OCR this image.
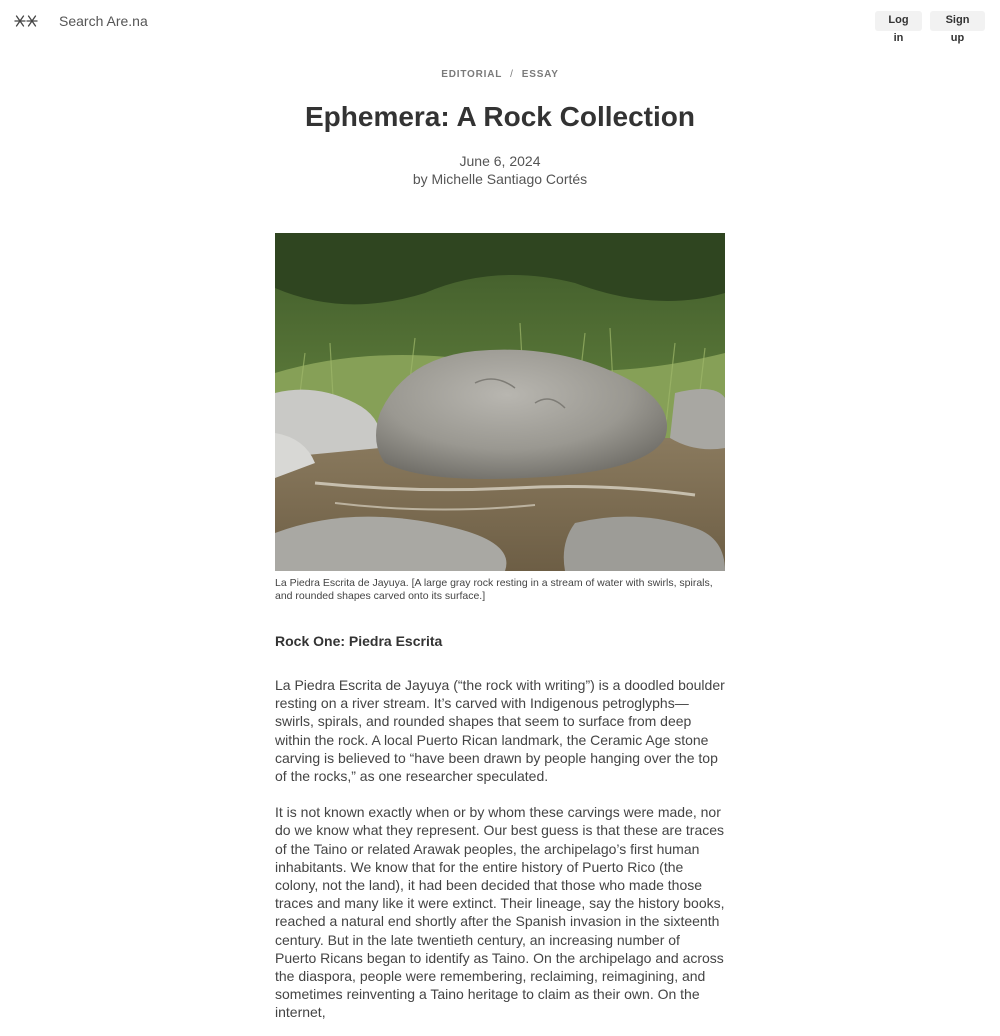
Search Are.na
Log in
Sign up
EDITORIAL / ESSAY
Ephemera: A Rock Collection
June 6, 2024
by Michelle Santiago Cortés
La Piedra Escrita de Jayuya. [A large gray rock resting in a stream of water with swirls, spirals, and rounded shapes carved onto its surface.]
Rock One: Piedra Escrita

La Piedra Escrita de Jayuya (“the rock with writing”) is a doodled boulder resting on a river stream. It’s carved with Indigenous petroglyphs—swirls, spirals, and rounded shapes that seem to surface from deep within the rock. A local Puerto Rican landmark, the Ceramic Age stone carving is believed to “have been drawn by people hanging over the top of the rocks,” as one researcher speculated.

It is not known exactly when or by whom these carvings were made, nor do we know what they represent. Our best guess is that these are traces of the Taino or related Arawak peoples, the archipelago’s first human inhabitants. We know that for the entire history of Puerto Rico (the colony, not the land), it had been decided that those who made those traces and many like it were extinct. Their lineage, say the history books, reached a natural end shortly after the Spanish invasion in the sixteenth century. But in the late twentieth century, an increasing number of Puerto Ricans began to identify as Taino. On the archipelago and across the diaspora, people were remembering, reclaiming, reimagining, and sometimes reinventing a Taino heritage to claim as their own. On the internet,
